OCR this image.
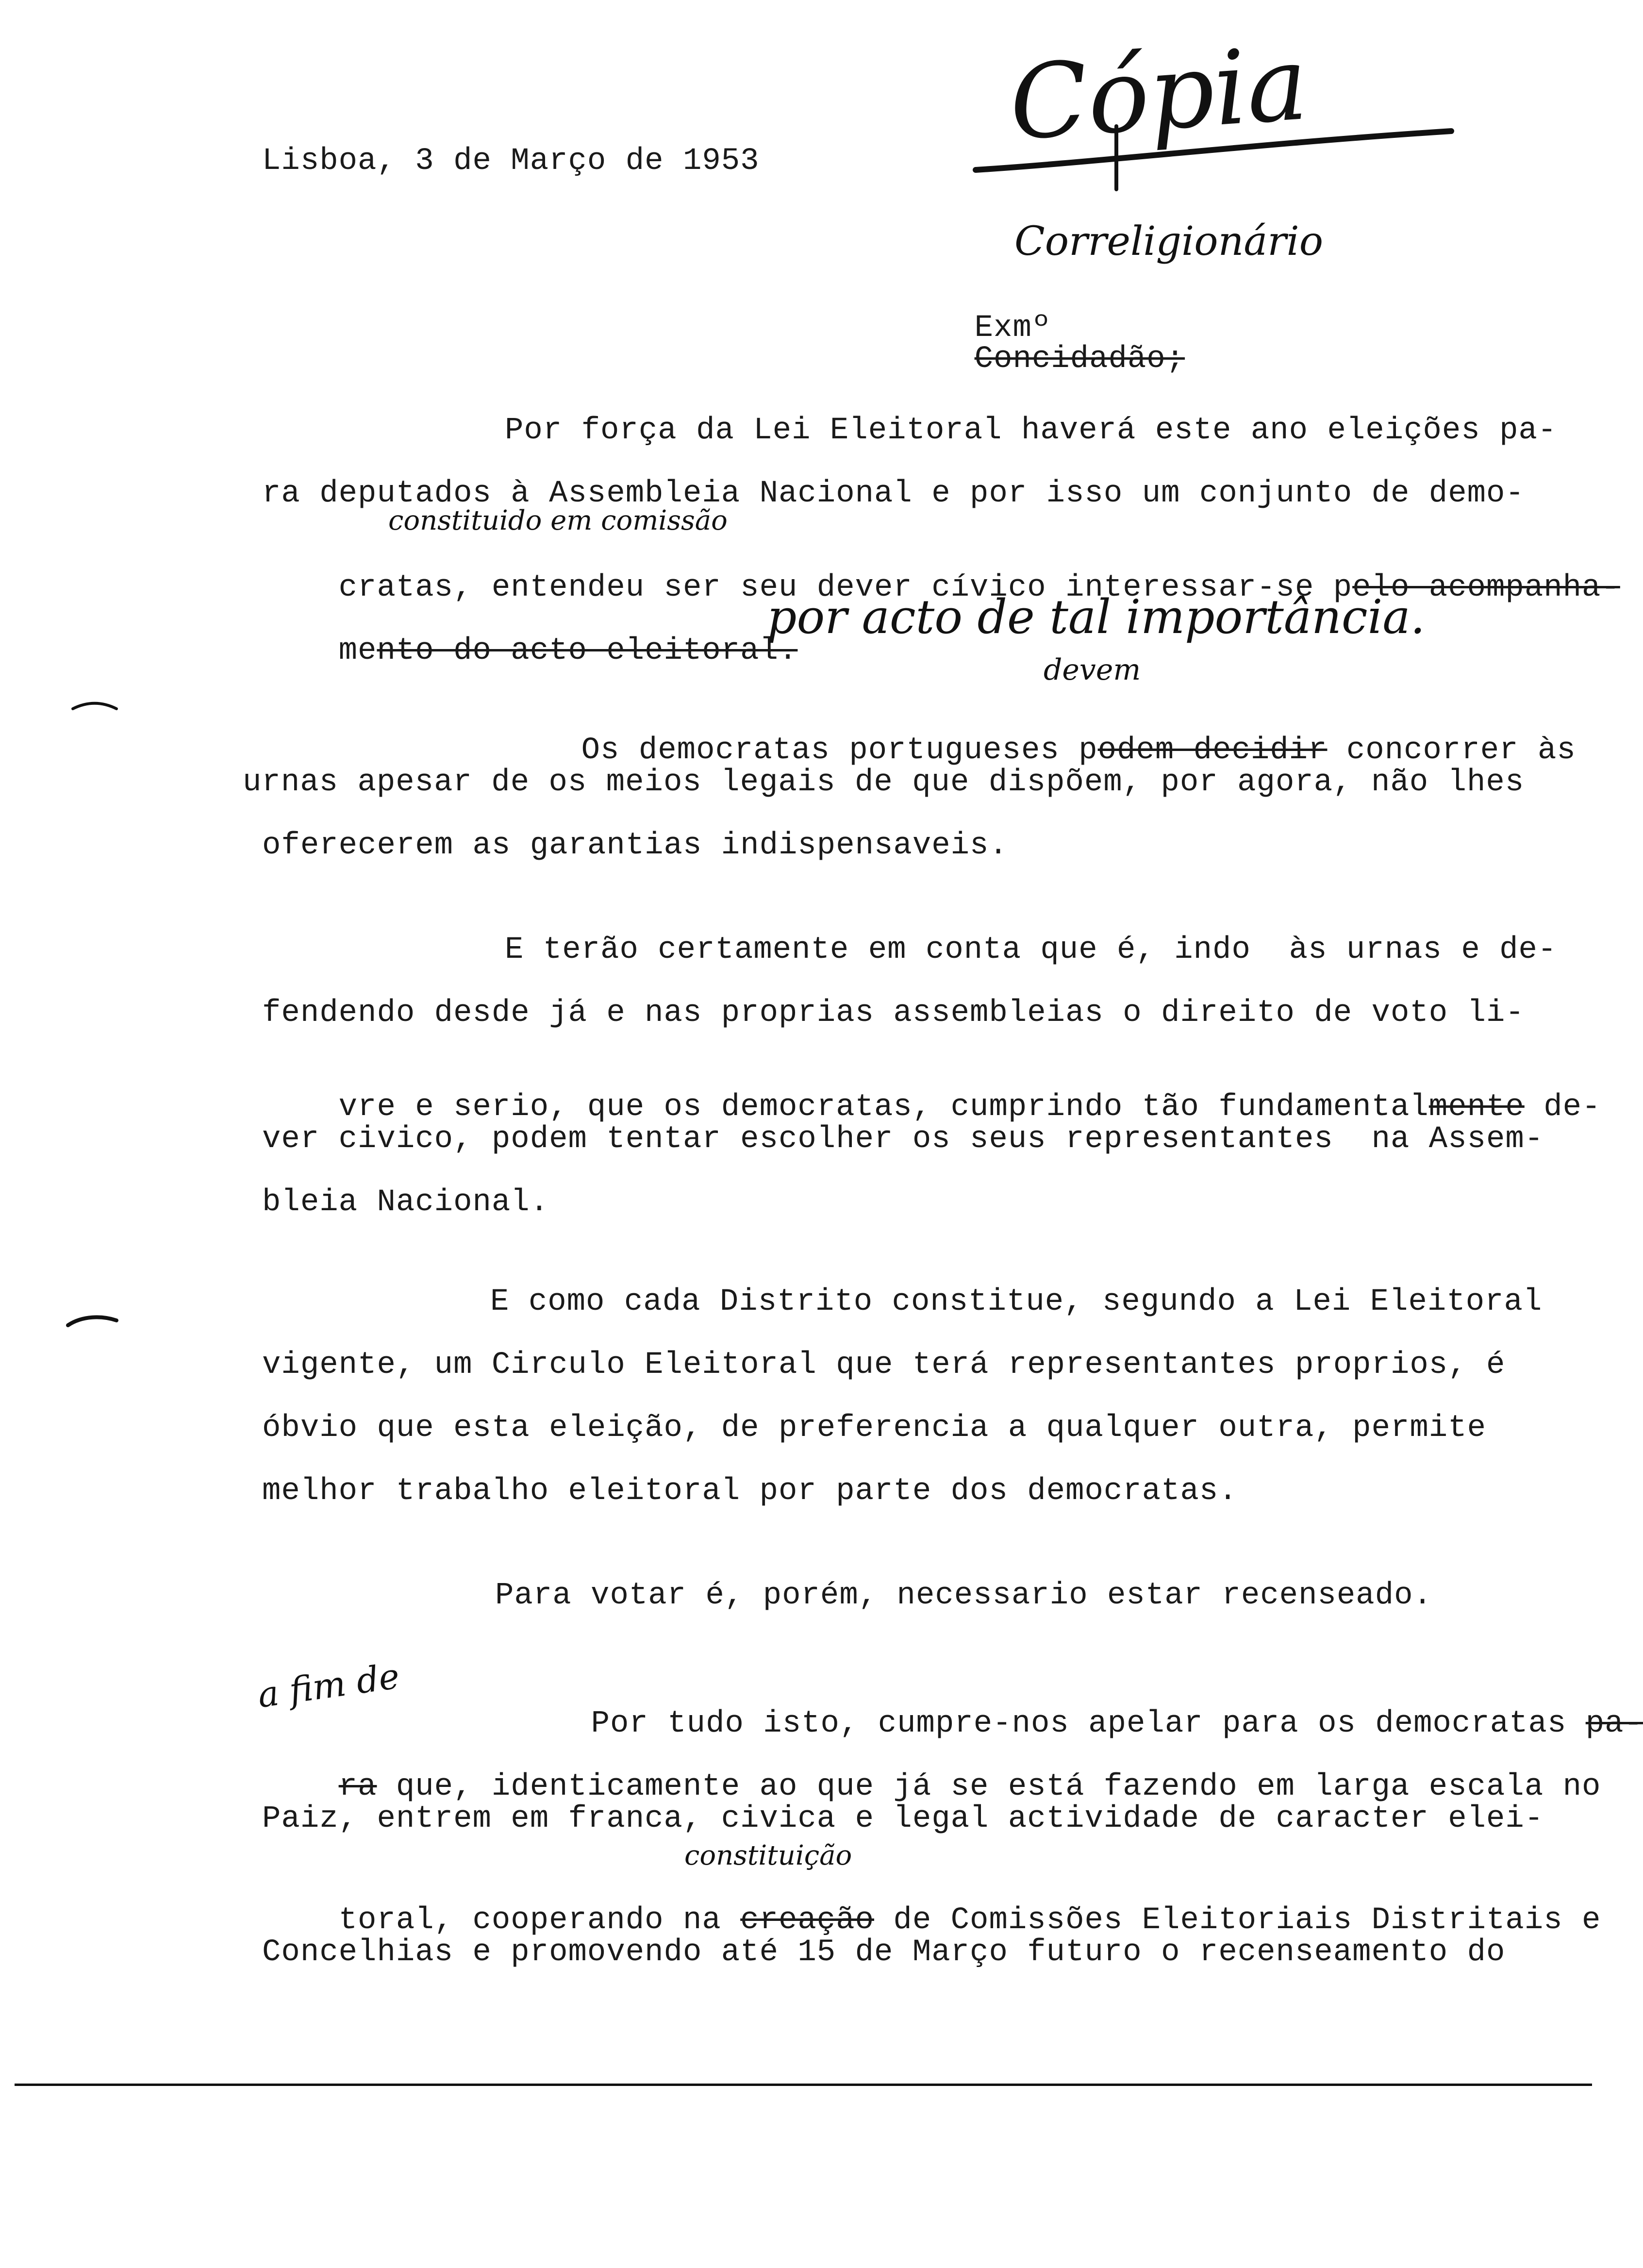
Cópia
Lisboa, 3 de Março de 1953
Correligionário

Exmº
Concidadão;

Por força da Lei Eleitoral haverá este ano eleições pa-
ra deputados à Assembleia Nacional e por isso um conjunto de demo-
constituido em comissão

cratas, entendeu ser seu dever cívico interessar-se pelo acompanha-

mento do acto eleitoral.

por acto de tal importância.
devem

Os democratas portugueses podem decidir concorrer às

urnas apesar de os meios legais de que dispõem, por agora, não lhes
oferecerem as garantias indispensaveis.
E terão certamente em conta que é, indo  às urnas e de-
fendendo desde já e nas proprias assembleias o direito de voto li-

vre e serio, que os democratas, cumprindo tão fundamentalmente de-

ver civico, podem tentar escolher os seus representantes  na Assem-
bleia Nacional.
E como cada Distrito constitue, segundo a Lei Eleitoral
vigente, um Circulo Eleitoral que terá representantes proprios, é
óbvio que esta eleição, de preferencia a qualquer outra, permite
melhor trabalho eleitoral por parte dos democratas.
Para votar é, porém, necessario estar recenseado.
a fim de

Por tudo isto, cumpre-nos apelar para os democratas pa-

ra que, identicamente ao que já se está fazendo em larga escala no

Paiz, entrem em franca, civica e legal actividade de caracter elei-
constituição

toral, cooperando na creação de Comissões Eleitoriais Distritais e

Concelhias e promovendo até 15 de Março futuro o recenseamento do
